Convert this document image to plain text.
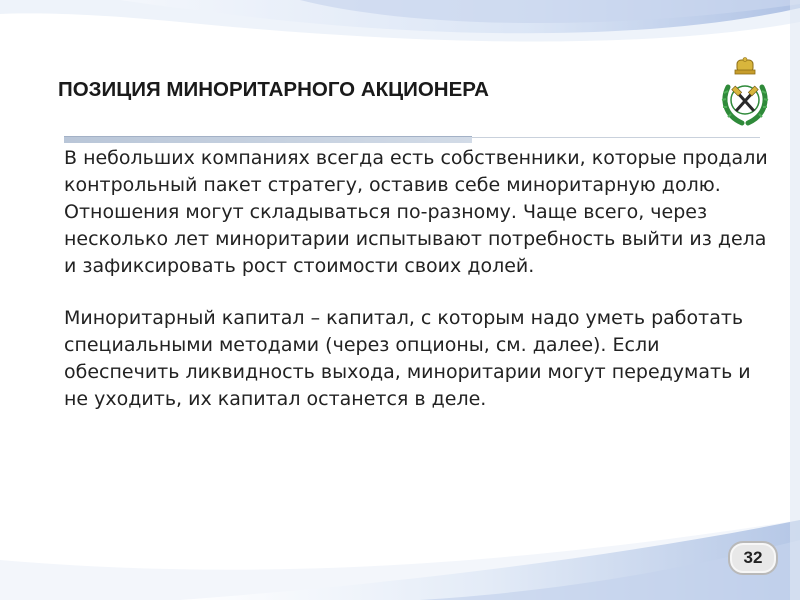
ПОЗИЦИЯ МИНОРИТАРНОГО АКЦИОНЕРА

В небольших компаниях всегда есть собственники, которые продали контрольный пакет стратегу, оставив себе миноритарную долю. Отношения могут складываться по-разному. Чаще всего, через несколько лет миноритарии испытывают потребность выйти из дела и зафиксировать рост стоимости своих долей.

Миноритарный капитал – капитал, с которым надо уметь работать специальными методами (через опционы, см. далее). Если обеспечить ликвидность выхода, миноритарии могут передумать и не уходить, их капитал останется в деле.

32
